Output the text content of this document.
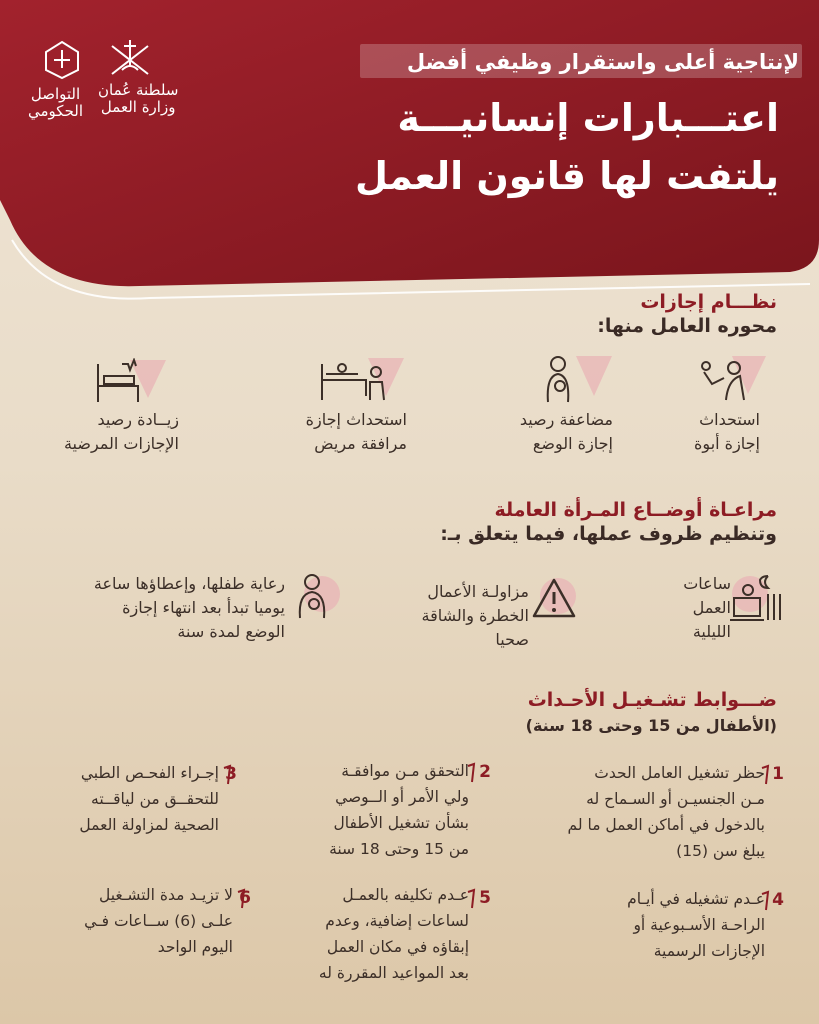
لإنتاجية أعلى واستقرار وظيفي أفضل
اعتـــبارات إنسانيـــة
يلتفت لها قانون العمل
سلطنة عُمان
وزارة العمل
التواصل
الحكومي
نظـــام إجازات
محوره العامل منها:
استحداث
إجازة أبوة
مضاعفة رصيد
إجازة الوضع
استحداث إجازة
مرافقة مريض
زيــادة رصيد
الإجازات المرضية
مراعـاة أوضــاع المـرأة العاملة
وتنظيم ظروف عملها، فيما يتعلق بـ:
ساعات
العمل
الليلية
مزاولـة الأعمال
الخطرة والشاقة
صحيا
رعاية طفلها، وإعطاؤها ساعة
يوميا تبدأ بعد انتهاء إجازة
الوضع لمدة سنة
ضـــوابط تشـغيـل الأحـداث
(الأطفال من 15 وحتى 18 سنة)
1
2
3
4
5
6
حظر تشغيل العامل الحدث
مـن الجنسيـن أو السـماح له
بالدخول في أماكن العمل ما لم
يبلغ سن (15)
التحقق مـن موافقـة
ولي الأمر أو الــوصي
بشأن تشغيل الأطفال
من 15 وحتى 18 سنة
إجـراء الفحـص الطبي
للتحقــق من لياقــته
الصحية لمزاولة العمل
عـدم تشغيله في أيـام
الراحـة الأسـبوعية أو
الإجازات الرسمية
عـدم تكليفه بالعمـل
لساعات إضافية، وعدم
إبقاؤه في مكان العمل
بعد المواعيد المقررة له
لا تزيـد مدة التشـغيل
علـى (6) ســاعات فـي
اليوم الواحد
